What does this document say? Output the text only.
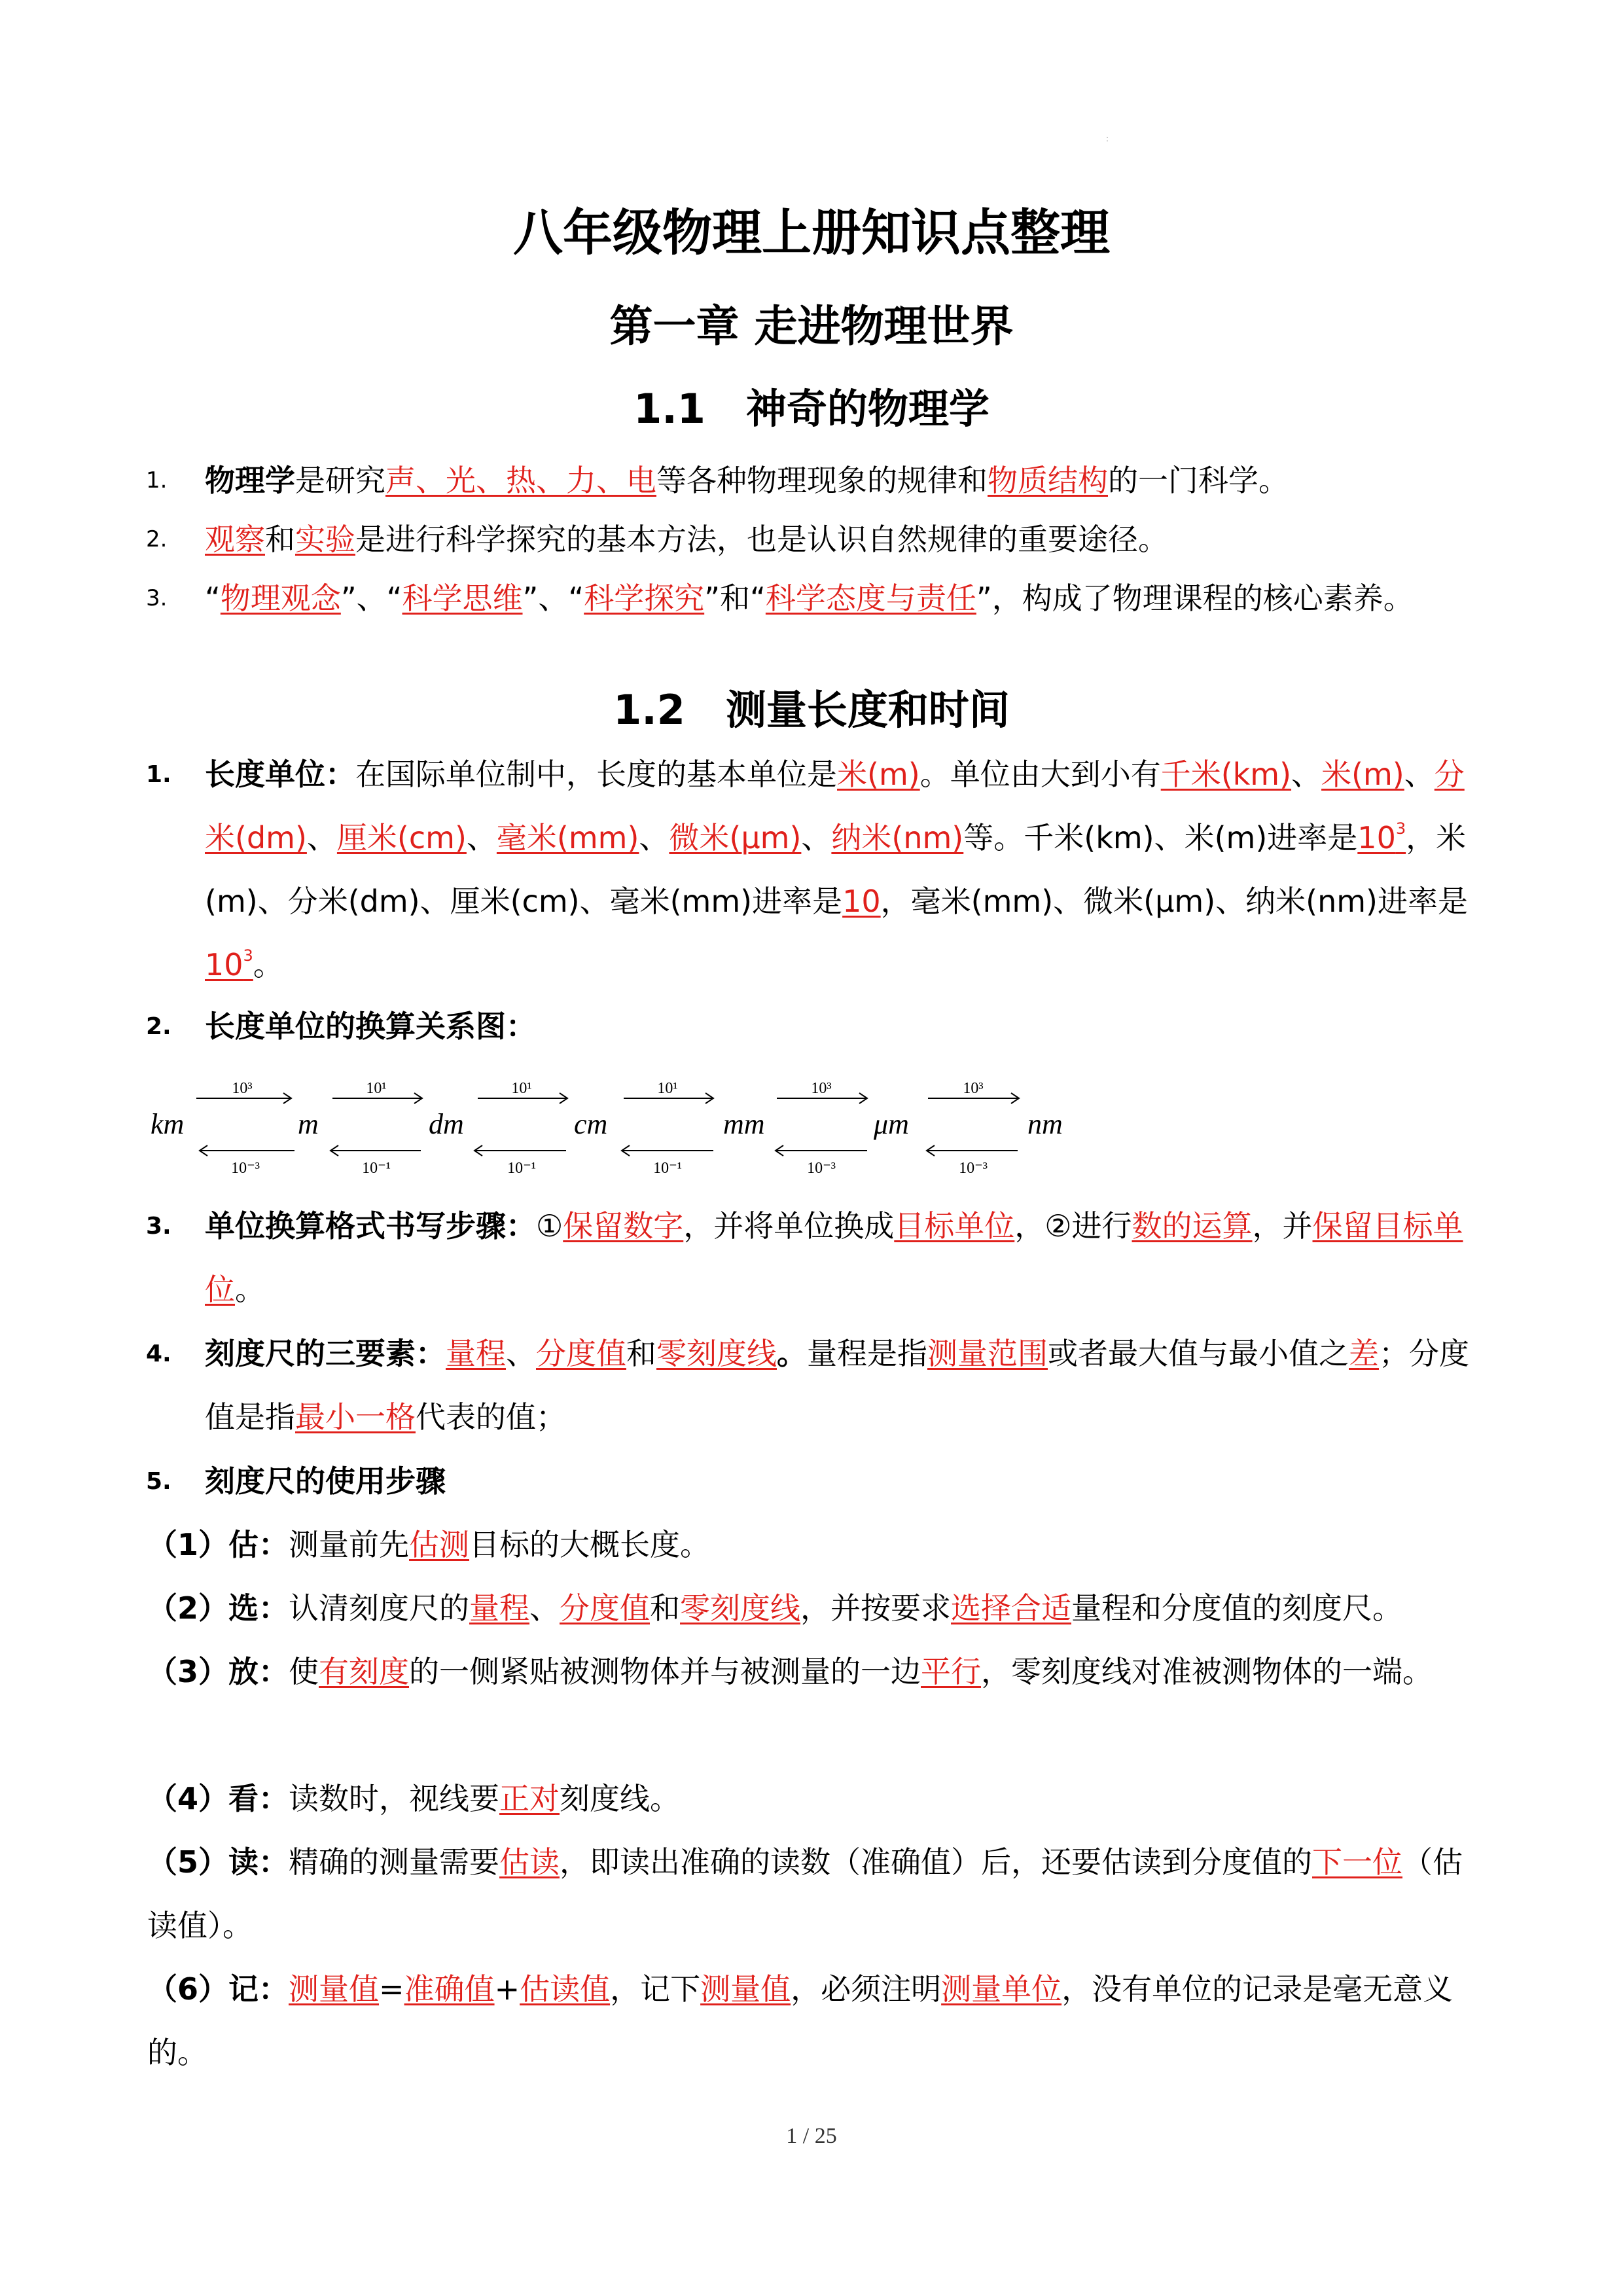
:
八年级物理上册知识点整理
第一章 走进物理世界
1.1　神奇的物理学
1. 物理学是研究声、光、热、力、电等各种物理现象的规律和物质结构的一门科学。
2. 观察和实验是进行科学探究的基本方法，也是认识自然规律的重要途径。
3. “物理观念”、“科学思维”、“科学探究”和“科学态度与责任”，构成了物理课程的核心素养。
1.2　测量长度和时间
1. 长度单位：在国际单位制中，长度的基本单位是米(m)。单位由大到小有千米(km)、米(m)、分米(dm)、厘米(cm)、毫米(mm)、微米(μm)、纳米(nm)等。千米(km)、米(m)进率是$10^3$，米(m)、分米(dm)、厘米(cm)、毫米(mm)进率是10，毫米(mm)、微米(μm)、纳米(nm)进率是$10^3$。
2. 长度单位的换算关系图：
10³	10¹	10¹	10¹	10³	10³
10⁻³	10⁻¹	10⁻¹	10⁻¹	10⁻³	10⁻³
km	m	dm	cm	mm	μm	nm
3. 单位换算格式书写步骤：①保留数字，并将单位换成目标单位，②进行数的运算，并保留目标单位。
4. 刻度尺的三要素：量程、分度值和零刻度线。量程是指测量范围或者最大值与最小值之差；分度值是指最小一格代表的值；
5. 刻度尺的使用步骤
（1）估：测量前先估测目标的大概长度。
（2）选：认清刻度尺的量程、分度值和零刻度线，并按要求选择合适量程和分度值的刻度尺。
（3）放：使有刻度的一侧紧贴被测物体并与被测量的一边平行，零刻度线对准被测物体的一端。
（4）看：读数时，视线要正对刻度线。
（5）读：精确的测量需要估读，即读出准确的读数（准确值）后，还要估读到分度值的下一位（估读值）。
（6）记：测量值=准确值+估读值，记下测量值，必须注明测量单位，没有单位的记录是毫无意义的。
1 / 25
